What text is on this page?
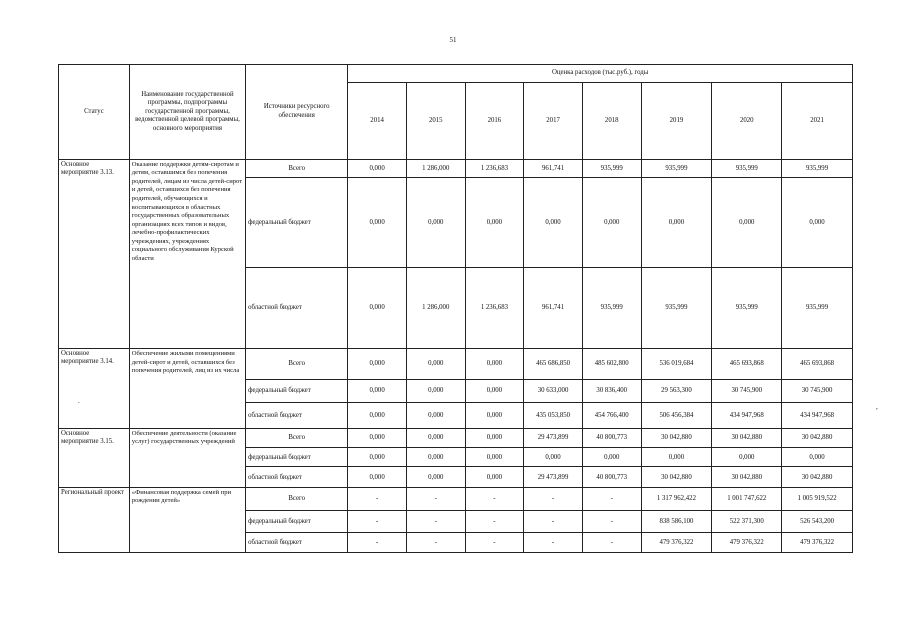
51
Статус	Наименование государственной программы, подпрограммы государственной программы, ведомственной целевой программы, основного мероприятия	Источники ресурсного обеспечения	Оценка расходов (тыс.руб.), годы							
			2014	2015	2016	2017	2018	2019	2020	2021
Основное мероприятие 3.13.	Оказание поддержки детям-сиротам и детям, оставшимся без попечения родителей, лицам из числа детей-сирот и детей, оставшихся без попечения родителей, обучающихся и воспитывающихся в областных государственных образовательных организациях всех типов и видов, лечебно-профилактических учреждениях, учреждениях социального обслуживания Курской области	Всего	0,000	1 286,000	1 236,683	961,741	935,999	935,999	935,999	935,999
		федеральный бюджет	0,000	0,000	0,000	0,000	0,000	0,000	0,000	0,000
		областной бюджет	0,000	1 286,000	1 236,683	961,741	935,999	935,999	935,999	935,999
Основное мероприятие 3.14.	Обеспечение жилыми помещениями детей-сирот и детей, оставшихся без попечения родителей, лиц из их числа	Всего	0,000	0,000	0,000	465 686,850	485 602,800	536 019,684	465 693,868	465 693,868
		федеральный бюджет	0,000	0,000	0,000	30 633,000	30 836,400	29 563,300	30 745,900	30 745,900
		областной бюджет	0,000	0,000	0,000	435 053,850	454 766,400	506 456,384	434 947,968	434 947,968
Основное мероприятие 3.15.	Обеспечение деятельности (оказание услуг) государственных учреждений	Всего	0,000	0,000	0,000	29 473,899	40 800,773	30 042,880	30 042,880	30 042,880
		федеральный бюджет	0,000	0,000	0,000	0,000	0,000	0,000	0,000	0,000
		областной бюджет	0,000	0,000	0,000	29 473,899	40 800,773	30 042,880	30 042,880	30 042,880
Региональный проект	«Финансовая поддержка семей при рождении детей»	Всего	-	-	-	-	-	1 317 962,422	1 001 747,622	1 005 919,522
		федеральный бюджет	-	-	-	-	-	838 586,100	522 371,300	526 543,200
		областной бюджет	-	-	-	-	-	479 376,322	479 376,322	479 376,322
,
.
